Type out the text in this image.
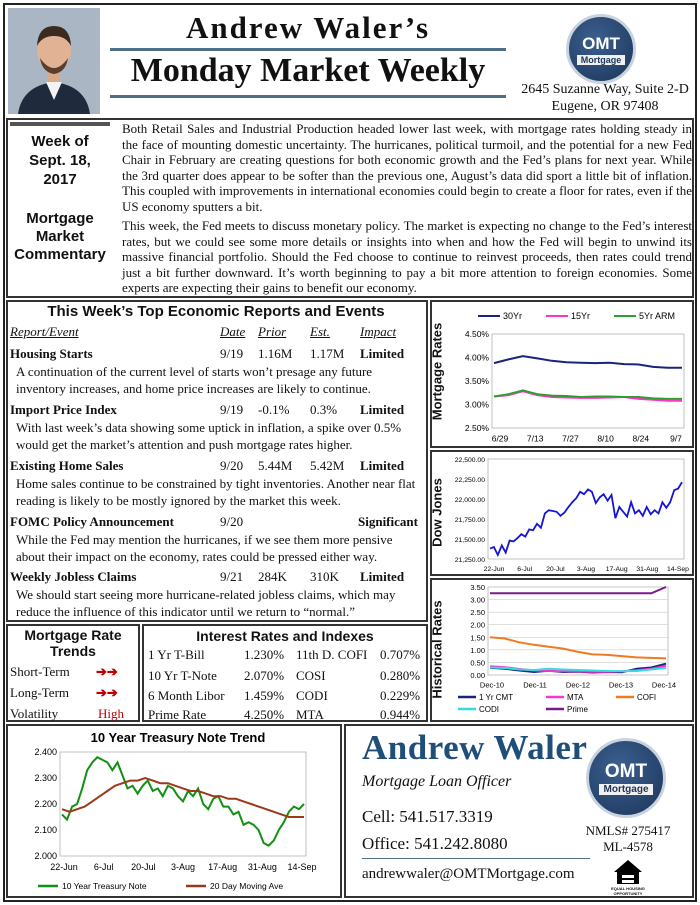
Andrew Waler’s
Monday Market Weekly
OMT
Mortgage
2645 Suzanne Way, Suite 2-D
Eugene, OR 97408
Week of
Sept. 18,
2017
Mortgage
Market
Commentary
Both Retail Sales and Industrial Production headed lower last week, with mortgage rates holding steady in the face of mounting domestic uncertainty. The hurricanes, political turmoil, and the potential for a new Fed Chair in February are creating questions for both economic growth and the Fed’s plans for next year. While the 3rd quarter does appear to be softer than the previous one, August’s data did sport a little bit of inflation. This coupled with improvements in international economies could begin to create a floor for rates, even if the US economy sputters a bit.
This week, the Fed meets to discuss monetary policy. The market is expecting no change to the Fed’s interest rates, but we could see some more details or insights into when and how the Fed will begin to unwind its massive financial portfolio. Should the Fed choose to continue to reinvest proceeds, then rates could trend just a bit further downward. It’s worth beginning to pay a bit more attention to foreign economies. Some experts are expecting their gains to benefit our economy.
This Week’s Top Economic Reports and Events
Report/Event	Date Prior Est. Impact
Housing Starts	9/19 1.16M 1.17M Limited
A continuation of the current level of starts won’t presage any future inventory increases, and home price increases are likely to continue.
Import Price Index	9/19 -0.1% 0.3% Limited
With last week’s data showing some uptick in inflation, a spike over 0.5% would get the market’s attention and push mortgage rates higher.
Existing Home Sales	9/20 5.44M 5.42M Limited
Home sales continue to be constrained by tight inventories. Another near flat reading is likely to be mostly ignored by the market this week.
FOMC Policy Announcement	9/20	Significant
While the Fed may mention the hurricanes, if we see them more pensive about their impact on the economy, rates could be pressed either way.
Weekly Jobless Claims	9/21 284K 310K Limited
We should start seeing more hurricane-related jobless claims, which may reduce the influence of this indicator until we return to “normal.”
Mortgage Rate
Trends
Short-Term ➔➔
Long-Term ➔➔
Volatility	High
Interest Rates and Indexes
1 Yr T-Bill	1.230% 11th D. COFI 0.707%
10 Yr T-Note 2.070% COSI	0.280%
6 Month Libor 1.459% CODI	0.229%
Prime Rate	4.250% MTA	0.944%
Mortgage Rates 4.50%
4.00%
3.50%
3.00%
2.50%
6/29 7/13 7/27 8/10 8/24 9/7
30Yr	15Yr	5Yr ARM
Dow Jones
22,500.00
22,250.00
22,000.00
21,750.00
21,500.00
21,250.00
22-Jun 6-Jul 20-Jul 3-Aug 17-Aug 31-Aug 14-Sep
Historical Rates
3.50
3.00
2.50
2.00
1.50
1.00
0.50
0.00
Dec-10	Dec-11	Dec-12	Dec-13	Dec-14
1 Yr CMT	MTA	COFI
CODI	Prime
10 Year Treasury Note Trend
2.400
2.300
2.200
2.100
2.000
22-Jun 6-Jul 20-Jul 3-Aug 17-Aug 31-Aug 14-Sep
10 Year Treasury Note	20 Day Moving Ave
Andrew Waler
Mortgage Loan Officer
Cell: 541.517.3319
Office: 541.242.8080
andrewwaler@OMTMortgage.com
OMT
Mortgage
NMLS# 275417
ML-4578
EQUAL HOUSING OPPORTUNITY
